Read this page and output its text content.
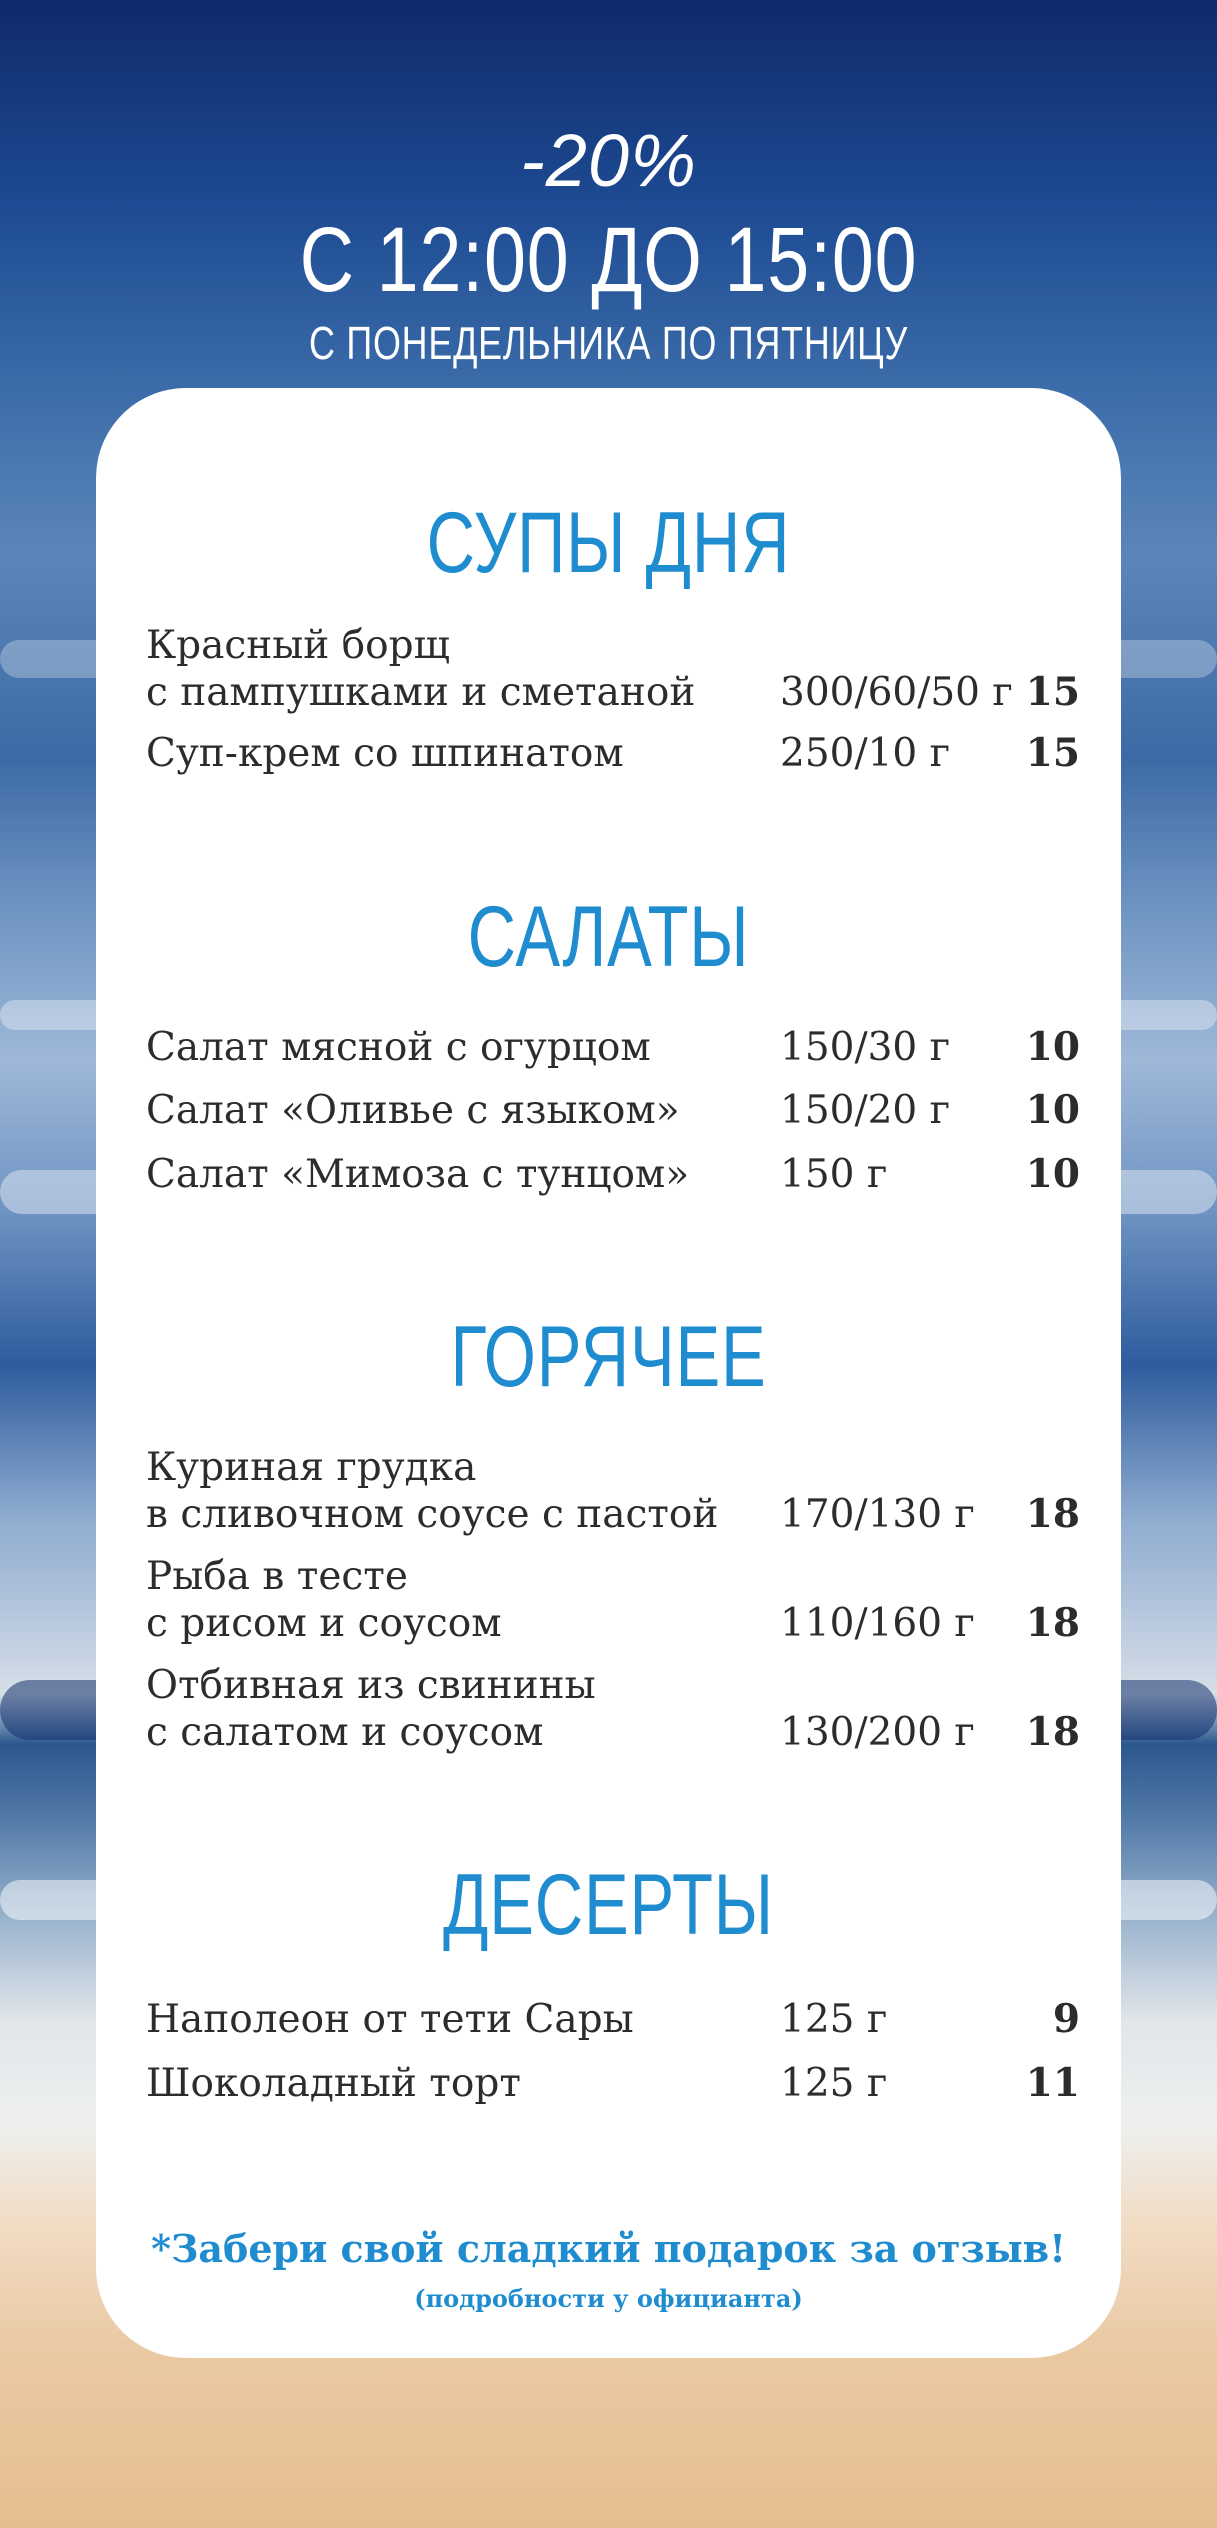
-20%
С 12:00 ДО 15:00
С ПОНЕДЕЛЬНИКА ПО ПЯТНИЦУ
СУПЫ ДНЯ
Красный борщ
с пампушками и сметаной	300/60/50 г 15
Суп-крем со шпинатом	250/10 г 15
САЛАТЫ
Салат мясной с огурцом	150/30 г 10
Салат «Оливье с языком»	150/20 г 10
Салат «Мимоза с тунцом»	150 г	10
ГОРЯЧЕЕ
Куриная грудка
в сливочном соусе с пастой	170/130 г 18
Рыба в тесте
с рисом и соусом	110/160 г 18
Отбивная из свинины
с салатом и соусом	130/200 г 18
ДЕСЕРТЫ
Наполеон от тети Сары	125 г	9
Шоколадный торт	125 г	11
*Забери свой сладкий подарок за отзыв!
(подробности у официанта)
